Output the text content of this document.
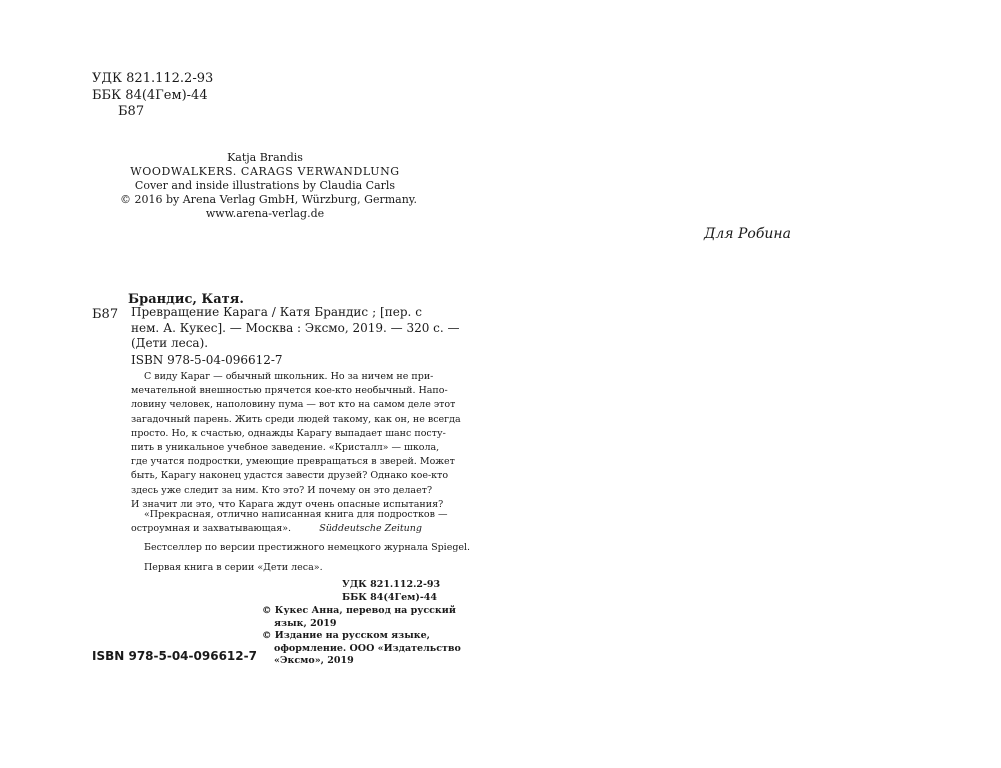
УДК 821.112.2-93
ББК 84(4Гем)-44
Б87
Katja Brandis
WOODWALKERS. CARAGS VERWANDLUNG
Cover and inside illustrations by Claudia Carls
© 2016 by Arena Verlag GmbH, Würzburg, Germany.
www.arena-verlag.de
Брандис, Катя.
Б87 Превращение Карага / Катя Брандис ; [пер. с
нем. А. Кукес]. — Москва : Эксмо, 2019. — 320 с. —
(Дети леса).
ISBN 978-5-04-096612-7
С виду Караг — обычный школьник. Но за ничем не при-
мечательной внешностью прячется кое-кто необычный. Напо-
ловину человек, наполовину пума — вот кто на самом деле этот
загадочный парень. Жить среди людей такому, как он, не всегда
просто. Но, к счастью, однажды Карагу выпадает шанс посту-
пить в уникальное учебное заведение. «Кристалл» — школа,
где учатся подростки, умеющие превращаться в зверей. Может
быть, Карагу наконец удастся завести друзей? Однако кое-кто
здесь уже следит за ним. Кто это? И почему он это делает?
И значит ли это, что Карага ждут очень опасные испытания?
«Прекрасная, отлично написанная книга для подростков —
остроумная и захватывающая».	Süddeutsche Zeitung
Бестселлер по версии престижного немецкого журнала Spiegel.
Первая книга в серии «Дети леса».
УДК 821.112.2-93
ББК 84(4Гем)-44
© Кукес Анна, перевод на русский
язык, 2019
© Издание на русском языке,
оформление. ООО «Издательство
«Эксмо», 2019
ISBN 978-5-04-096612-7
Для Робина
